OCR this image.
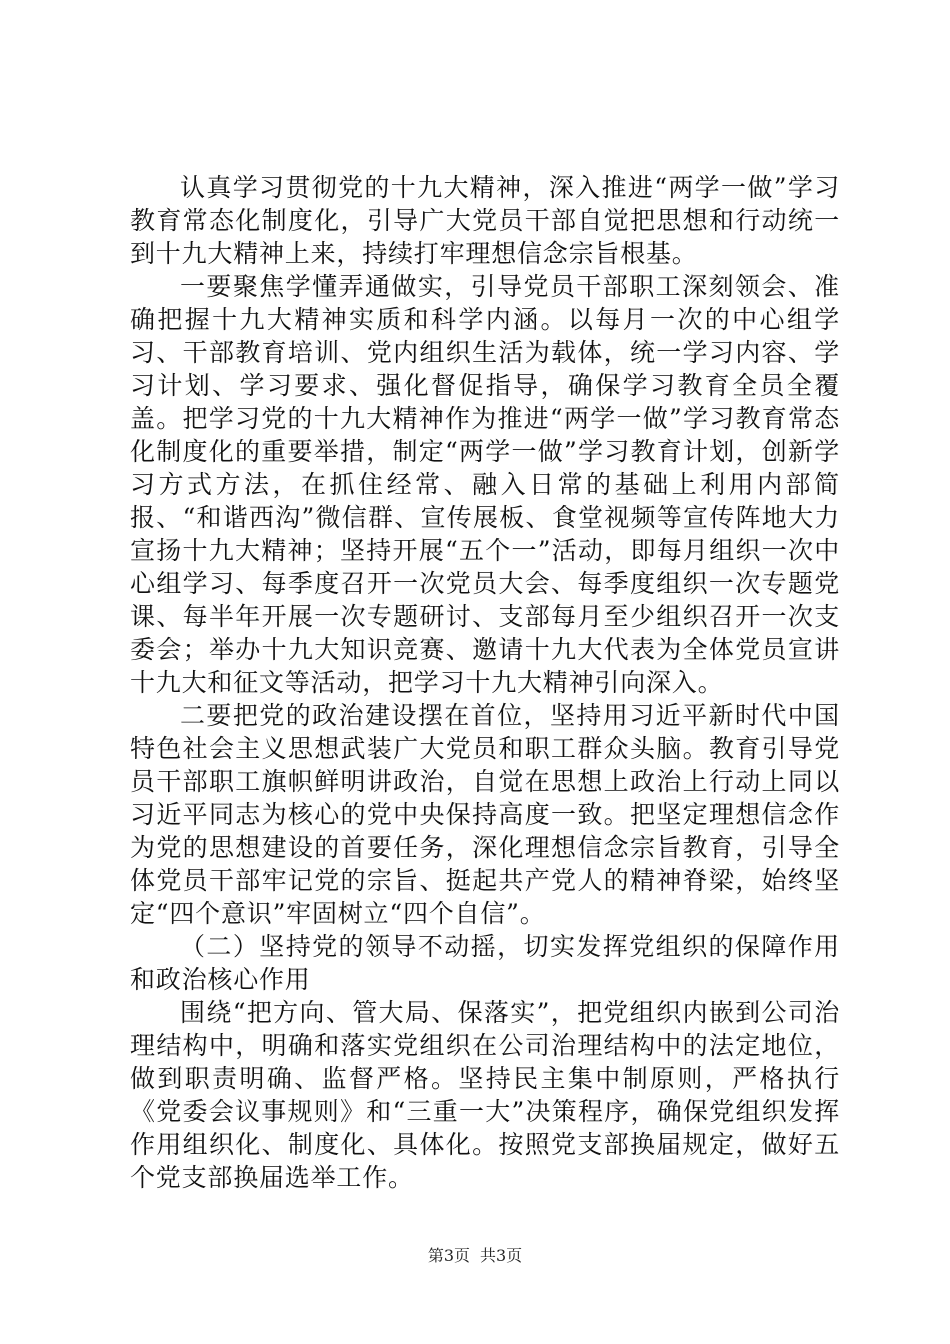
认真学习贯彻党的十九大精神，深入推进“两学一做”学习教育常态化制度化，引导广大党员干部自觉把思想和行动统一到十九大精神上来，持续打牢理想信念宗旨根基。

一要聚焦学懂弄通做实，引导党员干部职工深刻领会、准确把握十九大精神实质和科学内涵。以每月一次的中心组学习、干部教育培训、党内组织生活为载体，统一学习内容、学习计划、学习要求、强化督促指导，确保学习教育全员全覆盖。把学习党的十九大精神作为推进“两学一做”学习教育常态化制度化的重要举措，制定“两学一做”学习教育计划，创新学习方式方法，在抓住经常、融入日常的基础上利用内部简报、“和谐西沟”微信群、宣传展板、食堂视频等宣传阵地大力宣扬十九大精神；坚持开展“五个一”活动，即每月组织一次中心组学习、每季度召开一次党员大会、每季度组织一次专题党课、每半年开展一次专题研讨、支部每月至少组织召开一次支委会；举办十九大知识竞赛、邀请十九大代表为全体党员宣讲十九大和征文等活动，把学习十九大精神引向深入。

二要把党的政治建设摆在首位，坚持用习近平新时代中国特色社会主义思想武装广大党员和职工群众头脑。教育引导党员干部职工旗帜鲜明讲政治，自觉在思想上政治上行动上同以习近平同志为核心的党中央保持高度一致。把坚定理想信念作为党的思想建设的首要任务，深化理想信念宗旨教育，引导全体党员干部牢记党的宗旨、挺起共产党人的精神脊梁，始终坚定“四个意识”牢固树立“四个自信”。

（二）坚持党的领导不动摇，切实发挥党组织的保障作用和政治核心作用

围绕“把方向、管大局、保落实”，把党组织内嵌到公司治理结构中，明确和落实党组织在公司治理结构中的法定地位，做到职责明确、监督严格。坚持民主集中制原则，严格执行《党委会议事规则》和“三重一大”决策程序，确保党组织发挥作用组织化、制度化、具体化。按照党支部换届规定，做好五个党支部换届选举工作。

第3页 共3页
